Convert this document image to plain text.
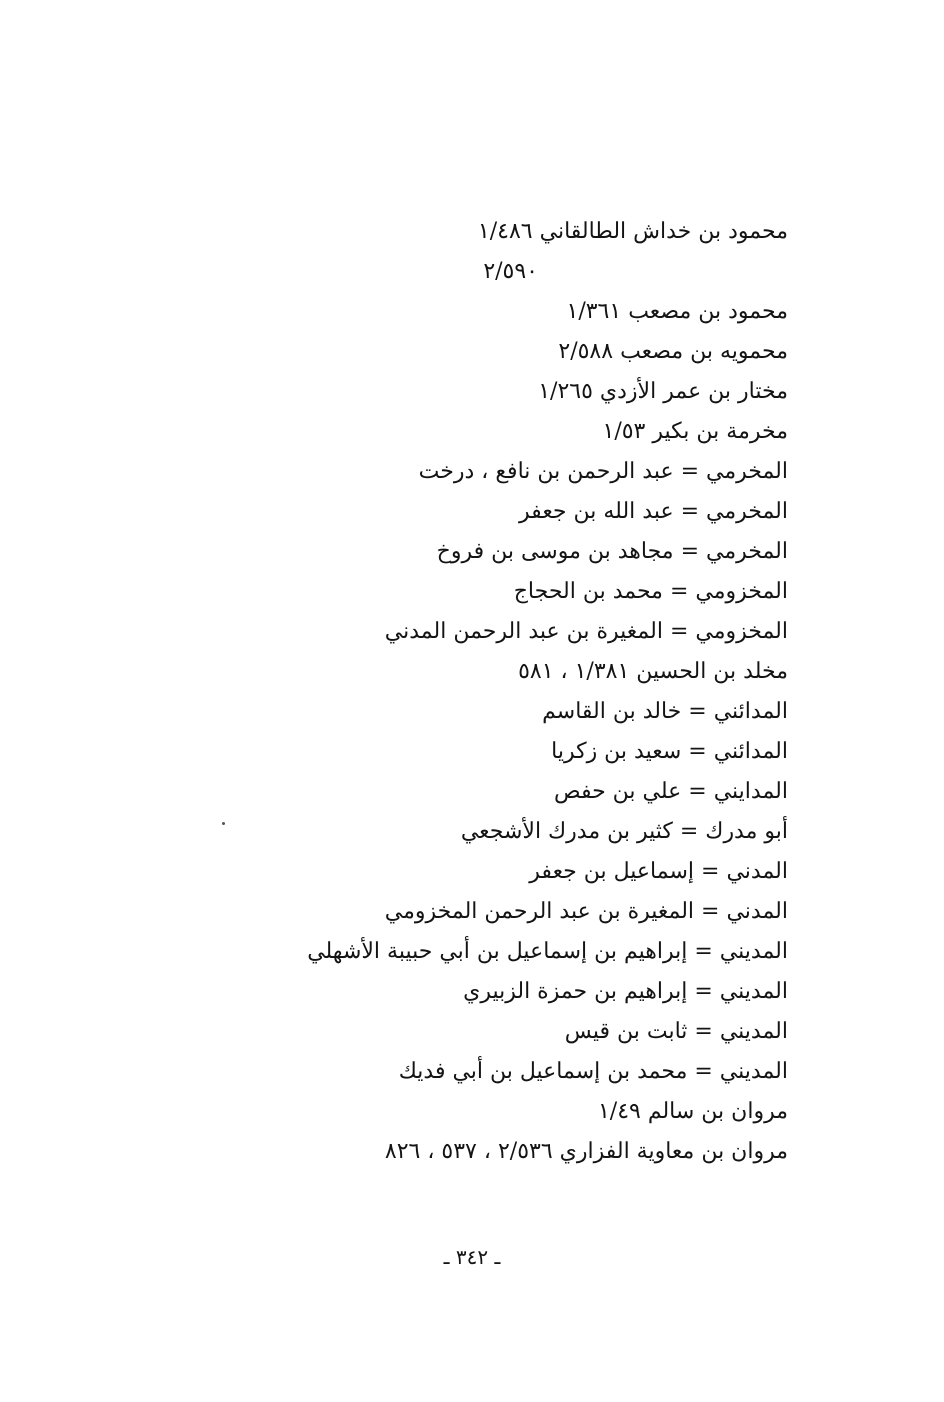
محمود بن خداش الطالقاني ١/٤٨٦
٢/٥٩٠
محمود بن مصعب ١/٣٦١
محمويه بن مصعب ٢/٥٨٨
مختار بن عمر الأزدي ١/٢٦٥
مخرمة بن بكير ١/٥٣
المخرمي = عبد الرحمن بن نافع ، درخت
المخرمي = عبد الله بن جعفر
المخرمي = مجاهد بن موسى بن فروخ
المخزومي = محمد بن الحجاج
المخزومي = المغيرة بن عبد الرحمن المدني
مخلد بن الحسين ١/٣٨١ ، ٥٨١
المدائني = خالد بن القاسم
المدائني = سعيد بن زكريا
المدايني = علي بن حفص
أبو مدرك = كثير بن مدرك الأشجعي
المدني = إسماعيل بن جعفر
المدني = المغيرة بن عبد الرحمن المخزومي
المديني = إبراهيم بن إسماعيل بن أبي حبيبة الأشهلي
المديني = إبراهيم بن حمزة الزبيري
المديني = ثابت بن قيس
المديني = محمد بن إسماعيل بن أبي فديك
مروان بن سالم ١/٤٩
مروان بن معاوية الفزاري ٢/٥٣٦ ، ٥٣٧ ، ٨٢٦
ـ ٣٤٢ ـ
